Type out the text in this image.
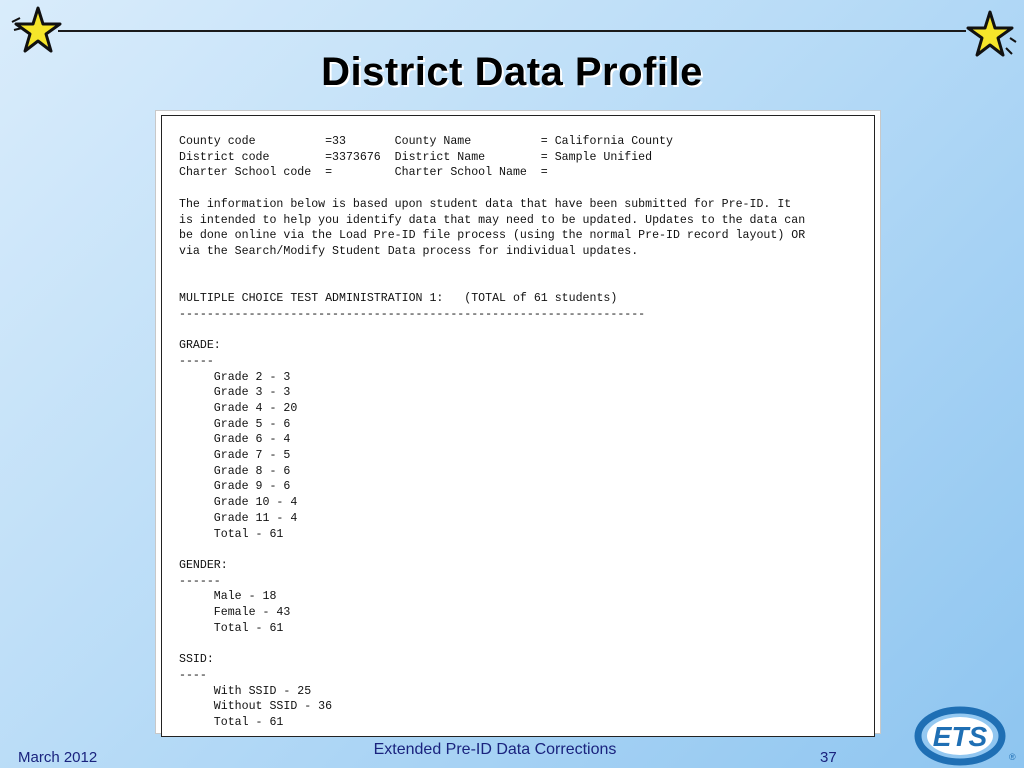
District Data Profile
County code          =33       County Name          = California County
District code        =3373676  District Name        = Sample Unified
Charter School code  =         Charter School Name  =

The information below is based upon student data that have been submitted for Pre-ID. It
is intended to help you identify data that may need to be updated. Updates to the data can
be done online via the Load Pre-ID file process (using the normal Pre-ID record layout) OR
via the Search/Modify Student Data process for individual updates.

MULTIPLE CHOICE TEST ADMINISTRATION 1:   (TOTAL of 61 students)
-------------------------------------------------------------------

GRADE:
-----
Grade 2 - 3
Grade 3 - 3
Grade 4 - 20
Grade 5 - 6
Grade 6 - 4
Grade 7 - 5
Grade 8 - 6
Grade 9 - 6
Grade 10 - 4
Grade 11 - 4
Total - 61

GENDER:
------
Male - 18
Female - 43
Total - 61

SSID:
----
With SSID - 25
Without SSID - 36
Total - 61
March 2012	Extended Pre-ID Data Corrections	37
ETS
®
